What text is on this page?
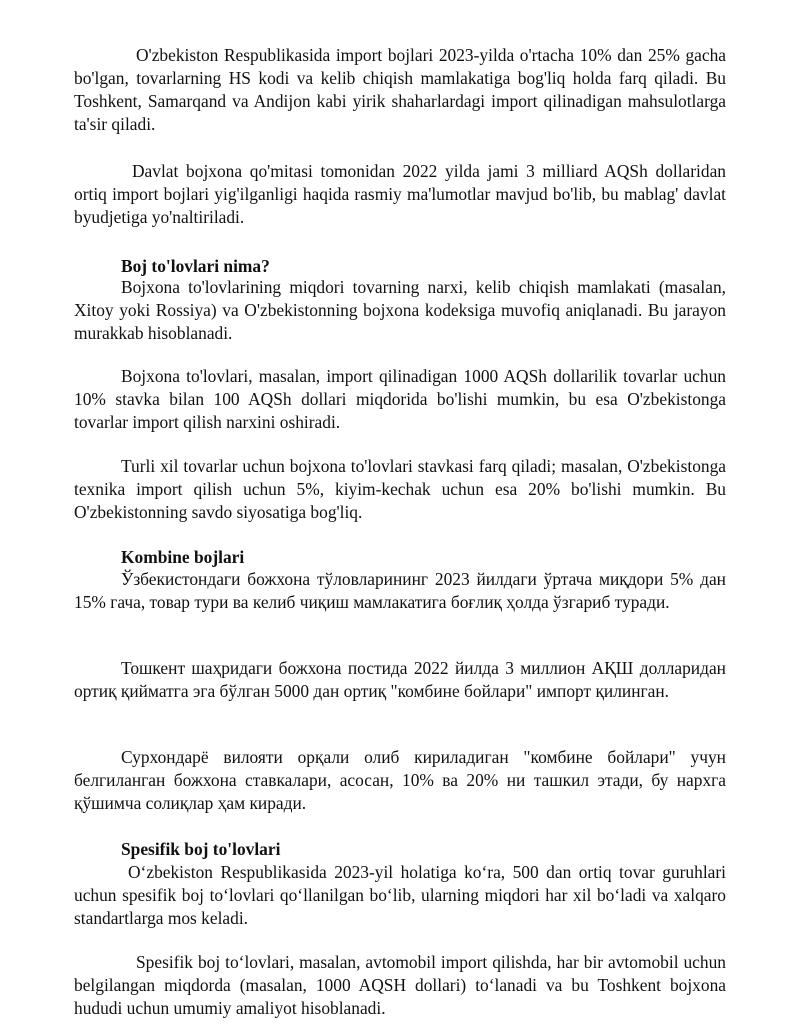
O'zbekiston Respublikasida import bojlari 2023-yilda o'rtacha 10% dan 25% gacha bo'lgan, tovarlarning HS kodi va kelib chiqish mamlakatiga bog'liq holda farq qiladi. Bu Toshkent, Samarqand va Andijon kabi yirik shaharlardagi import qilinadigan mahsulotlarga ta'sir qiladi.

Davlat bojxona qo'mitasi tomonidan 2022 yilda jami 3 milliard AQSh dollaridan ortiq import bojlari yig'ilganligi haqida rasmiy ma'lumotlar mavjud bo'lib, bu mablag' davlat byudjetiga yo'naltiriladi.

Boj to'lovlari nima?

Bojxona to'lovlarining miqdori tovarning narxi, kelib chiqish mamlakati (masalan, Xitoy yoki Rossiya) va O'zbekistonning bojxona kodeksiga muvofiq aniqlanadi. Bu jarayon murakkab hisoblanadi.

Bojxona to'lovlari, masalan, import qilinadigan 1000 AQSh dollarilik tovarlar uchun 10% stavka bilan 100 AQSh dollari miqdorida bo'lishi mumkin, bu esa O'zbekistonga tovarlar import qilish narxini oshiradi.

Turli xil tovarlar uchun bojxona to'lovlari stavkasi farq qiladi; masalan, O'zbekistonga texnika import qilish uchun 5%, kiyim-kechak uchun esa 20% bo'lishi mumkin. Bu O'zbekistonning savdo siyosatiga bog'liq.

Kombine bojlari

Ўзбекистондаги божхона тўловларининг 2023 йилдаги ўртача миқдори 5% дан 15% гача, товар тури ва келиб чиқиш мамлакатига боғлиқ ҳолда ўзгариб туради.

Тошкент шаҳридаги божхона постида 2022 йилда 3 миллион АҚШ долларидан ортиқ қийматга эга бўлган 5000 дан ортиқ "комбине бойлари" импорт қилинган.

Сурхондарё вилояти орқали олиб кириладиган "комбине бойлари" учун белгиланган божхона ставкалари, асосан, 10% ва 20% ни ташкил этади, бу нархга қўшимча солиқлар ҳам киради.

Spesifik boj to'lovlari

O‘zbekiston Respublikasida 2023-yil holatiga ko‘ra, 500 dan ortiq tovar guruhlari uchun spesifik boj to‘lovlari qo‘llanilgan bo‘lib, ularning miqdori har xil bo‘ladi va xalqaro standartlarga mos keladi.

Spesifik boj to‘lovlari, masalan, avtomobil import qilishda, har bir avtomobil uchun belgilangan miqdorda (masalan, 1000 AQSH dollari) to‘lanadi va bu Toshkent bojxona hududi uchun umumiy amaliyot hisoblanadi.
